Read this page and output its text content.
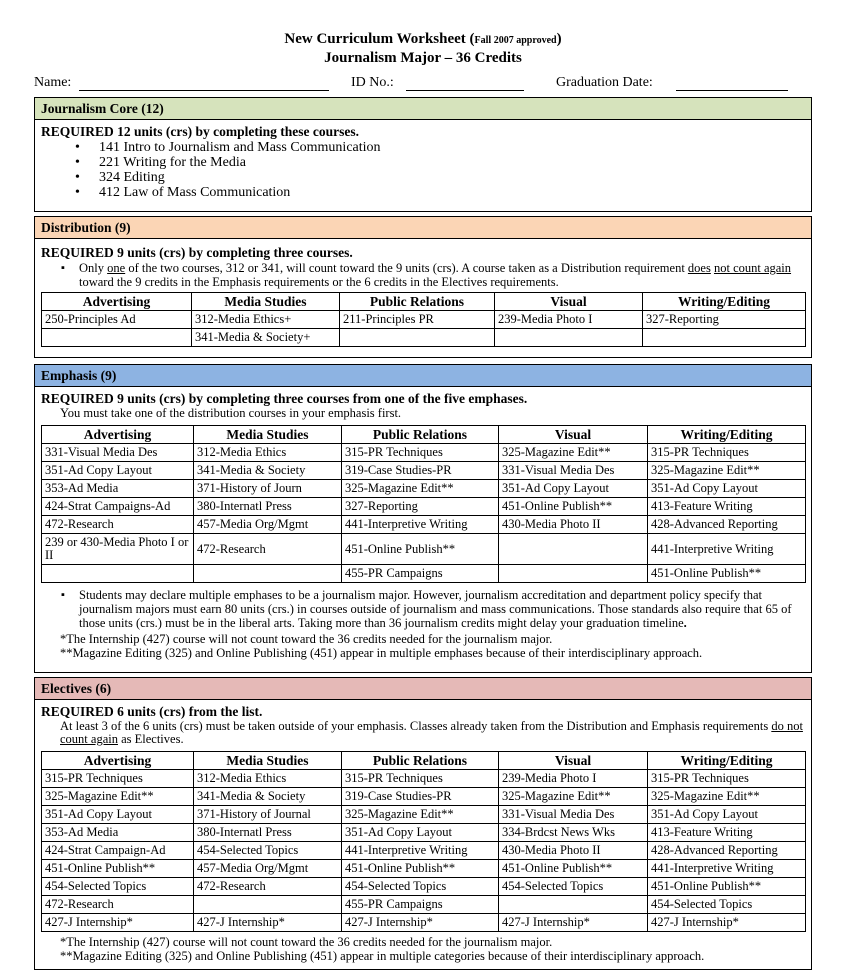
New Curriculum Worksheet (Fall 2007 approved)
Journalism Major – 36 Credits
Name:	ID No.:	Graduation Date:
Journalism Core (12)
REQUIRED 12 units (crs) by completing these courses.
• 141 Intro to Journalism and Mass Communication
• 221 Writing for the Media
• 324 Editing
• 412 Law of Mass Communication
Distribution (9)
REQUIRED 9 units (crs) by completing three courses.
▪ Only one of the two courses, 312 or 341, will count toward the 9 units (crs). A course taken as a Distribution requirement does not count again toward the 9 credits in the Emphasis requirements or the 6 credits in the Electives requirements.
Advertising	Media Studies	Public Relations	Visual	Writing/Editing
250-Principles Ad	312-Media Ethics+	211-Principles PR	239-Media Photo I	327-Reporting
	341-Media & Society+			
Emphasis (9)
REQUIRED 9 units (crs) by completing three courses from one of the five emphases.
You must take one of the distribution courses in your emphasis first.
Advertising	Media Studies	Public Relations	Visual	Writing/Editing
331-Visual Media Des	312-Media Ethics	315-PR Techniques	325-Magazine Edit**	315-PR Techniques
351-Ad Copy Layout	341-Media & Society	319-Case Studies-PR	331-Visual Media Des	325-Magazine Edit**
353-Ad Media	371-History of Journ	325-Magazine Edit**	351-Ad Copy Layout	351-Ad Copy Layout
424-Strat Campaigns-Ad	380-Internatl Press	327-Reporting	451-Online Publish**	413-Feature Writing
472-Research	457-Media Org/Mgmt	441-Interpretive Writing	430-Media Photo II	428-Advanced Reporting
239 or 430-Media Photo I or II	472-Research	451-Online Publish**		441-Interpretive Writing
		455-PR Campaigns		451-Online Publish**
▪ Students may declare multiple emphases to be a journalism major. However, journalism accreditation and department policy specify that journalism majors must earn 80 units (crs.) in courses outside of journalism and mass communications. Those standards also require that 65 of those units (crs.) must be in the liberal arts. Taking more than 36 journalism credits might delay your graduation timeline.
*The Internship (427) course will not count toward the 36 credits needed for the journalism major.
**Magazine Editing (325) and Online Publishing (451) appear in multiple emphases because of their interdisciplinary approach.
Electives (6)
REQUIRED 6 units (crs) from the list.
At least 3 of the 6 units (crs) must be taken outside of your emphasis. Classes already taken from the Distribution and Emphasis requirements do not count again as Electives.
Advertising	Media Studies	Public Relations	Visual	Writing/Editing
315-PR Techniques	312-Media Ethics	315-PR Techniques	239-Media Photo I	315-PR Techniques
325-Magazine Edit**	341-Media & Society	319-Case Studies-PR	325-Magazine Edit**	325-Magazine Edit**
351-Ad Copy Layout	371-History of Journal	325-Magazine Edit**	331-Visual Media Des	351-Ad Copy Layout
353-Ad Media	380-Internatl Press	351-Ad Copy Layout	334-Brdcst News Wks	413-Feature Writing
424-Strat Campaign-Ad	454-Selected Topics	441-Interpretive Writing	430-Media Photo II	428-Advanced Reporting
451-Online Publish**	457-Media Org/Mgmt	451-Online Publish**	451-Online Publish**	441-Interpretive Writing
454-Selected Topics	472-Research	454-Selected Topics	454-Selected Topics	451-Online Publish**
472-Research		455-PR Campaigns		454-Selected Topics
427-J Internship*	427-J Internship*	427-J Internship*	427-J Internship*	427-J Internship*
*The Internship (427) course will not count toward the 36 credits needed for the journalism major.
**Magazine Editing (325) and Online Publishing (451) appear in multiple categories because of their interdisciplinary approach.
